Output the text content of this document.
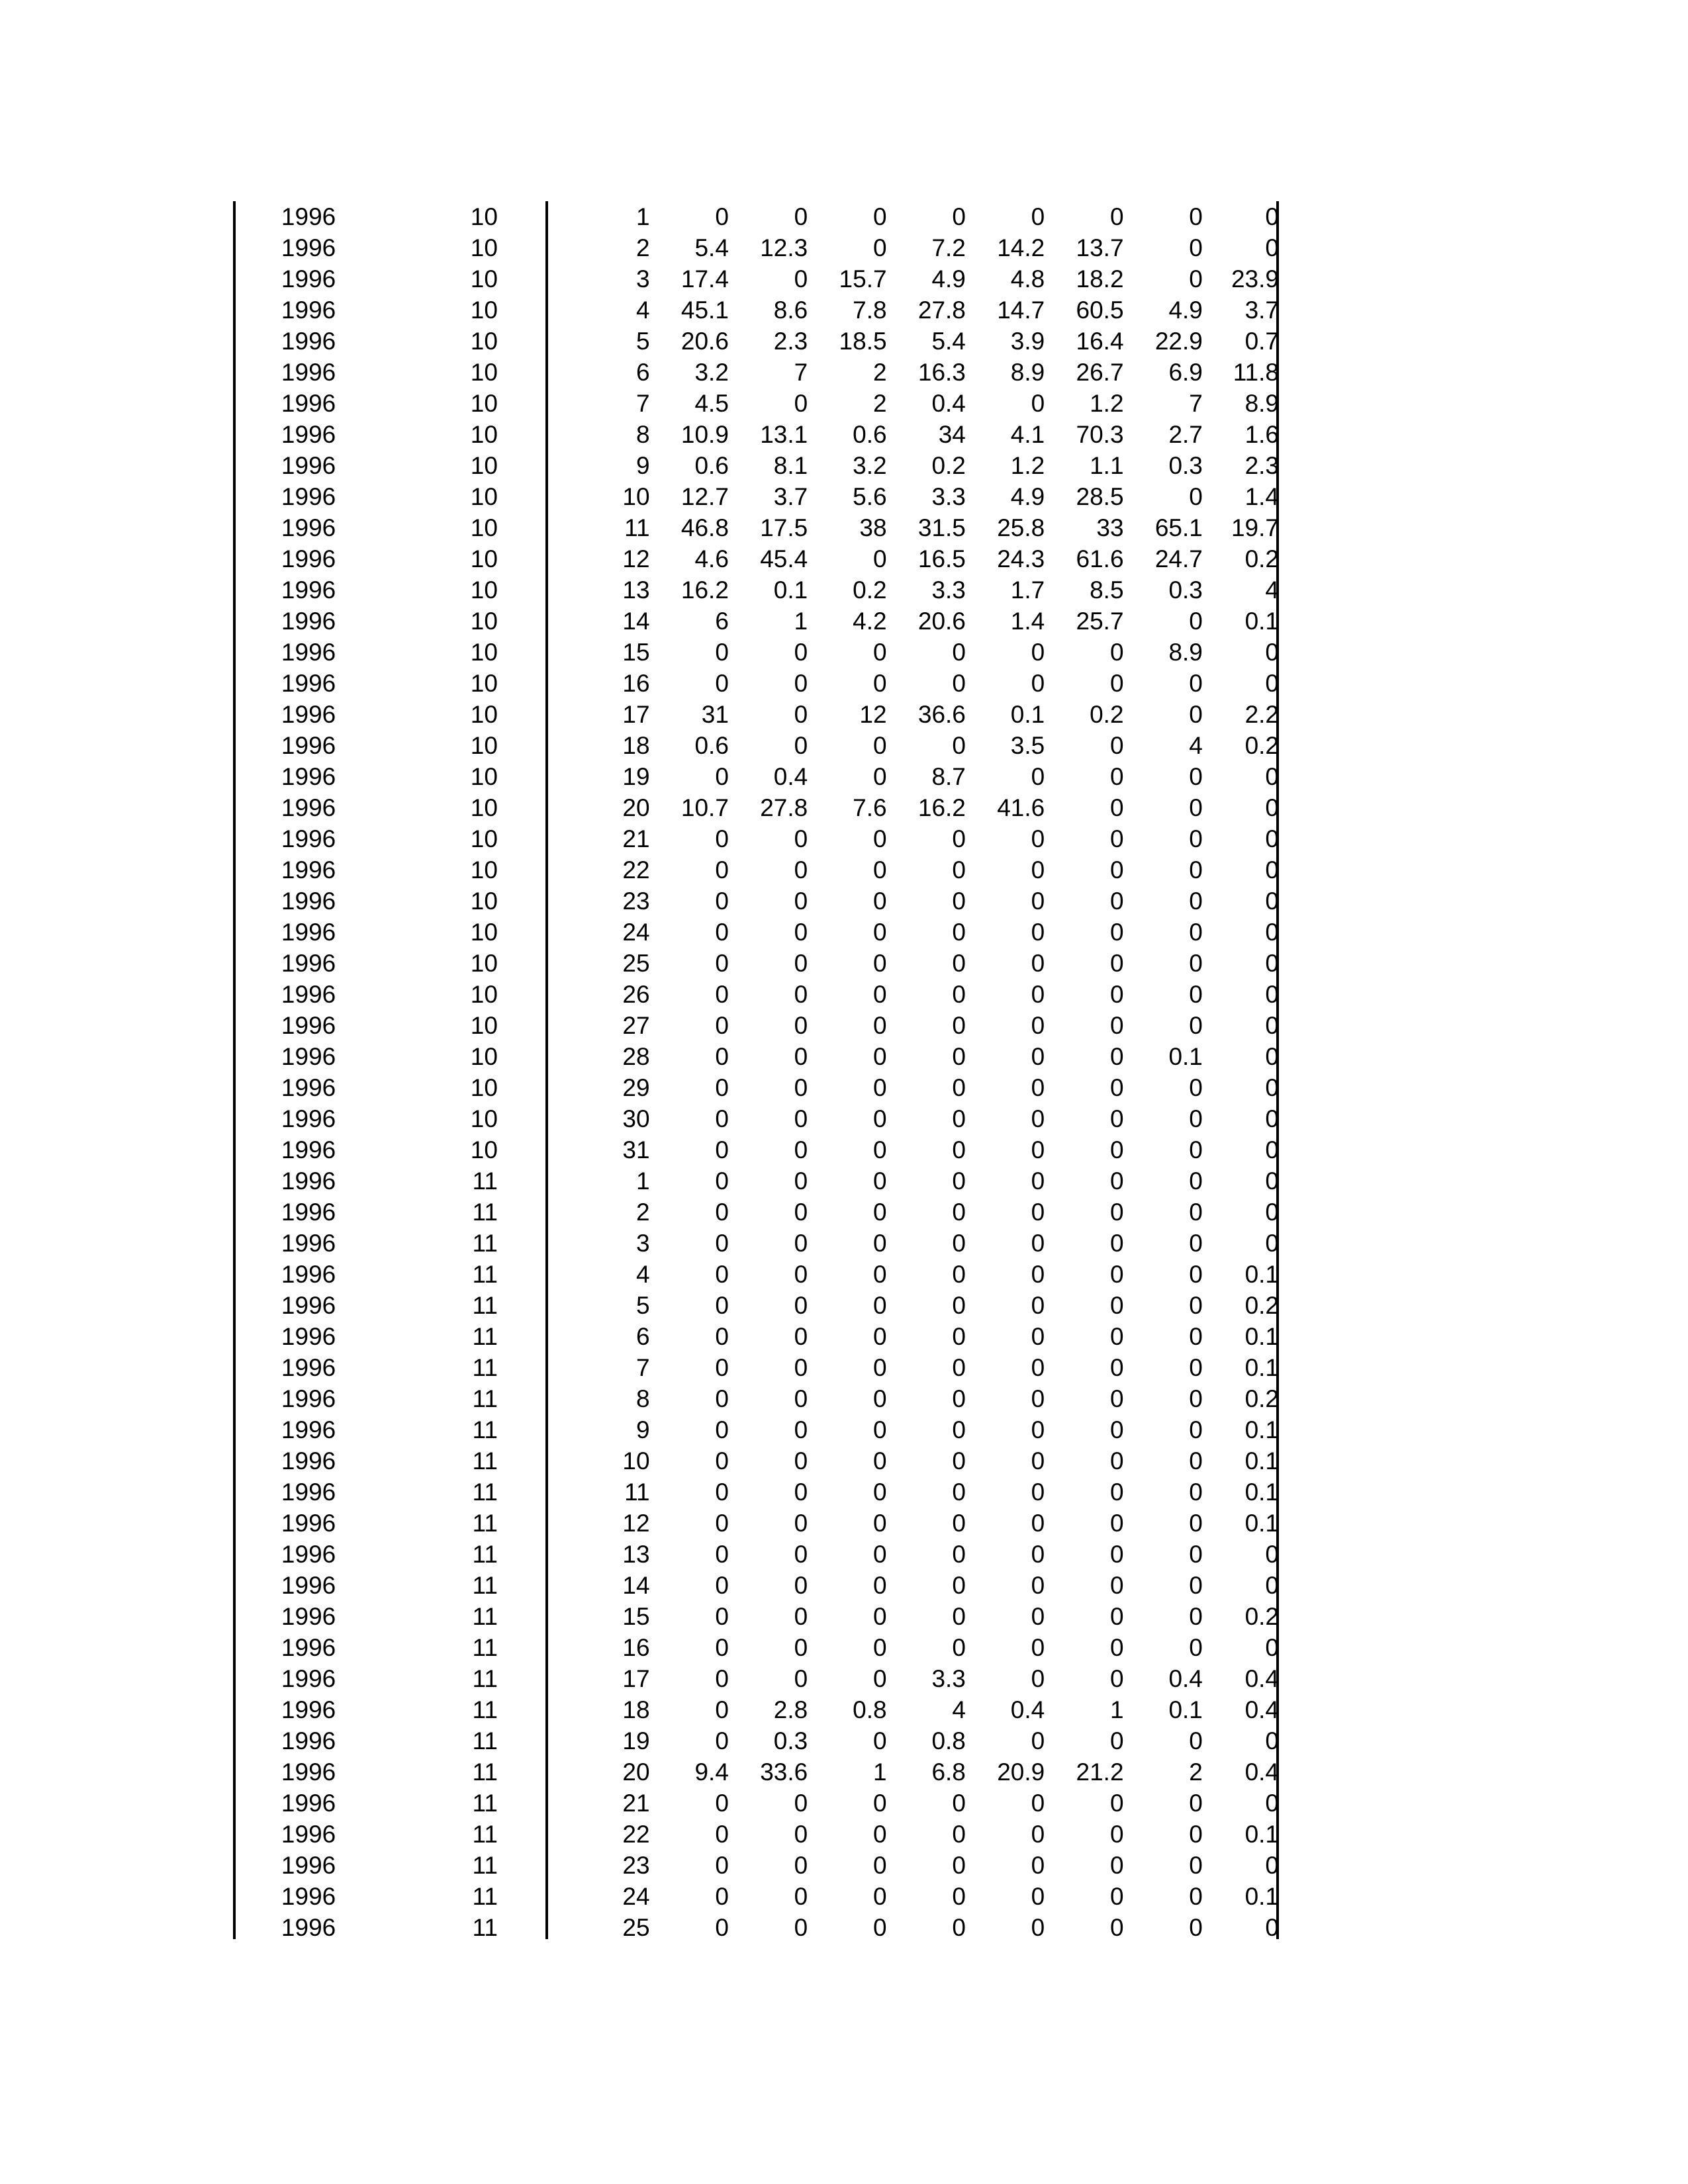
1996	10	1	0	0	0	0	0	0	0	0
1996	10	2	5.4	12.3	0	7.2	14.2	13.7	0	0
1996	10	3	17.4	0	15.7	4.9	4.8	18.2	0	23.9
1996	10	4	45.1	8.6	7.8	27.8	14.7	60.5	4.9	3.7
1996	10	5	20.6	2.3	18.5	5.4	3.9	16.4	22.9	0.7
1996	10	6	3.2	7	2	16.3	8.9	26.7	6.9	11.8
1996	10	7	4.5	0	2	0.4	0	1.2	7	8.9
1996	10	8	10.9	13.1	0.6	34	4.1	70.3	2.7	1.6
1996	10	9	0.6	8.1	3.2	0.2	1.2	1.1	0.3	2.3
1996	10	10	12.7	3.7	5.6	3.3	4.9	28.5	0	1.4
1996	10	11	46.8	17.5	38	31.5	25.8	33	65.1	19.7
1996	10	12	4.6	45.4	0	16.5	24.3	61.6	24.7	0.2
1996	10	13	16.2	0.1	0.2	3.3	1.7	8.5	0.3	4
1996	10	14	6	1	4.2	20.6	1.4	25.7	0	0.1
1996	10	15	0	0	0	0	0	0	8.9	0
1996	10	16	0	0	0	0	0	0	0	0
1996	10	17	31	0	12	36.6	0.1	0.2	0	2.2
1996	10	18	0.6	0	0	0	3.5	0	4	0.2
1996	10	19	0	0.4	0	8.7	0	0	0	0
1996	10	20	10.7	27.8	7.6	16.2	41.6	0	0	0
1996	10	21	0	0	0	0	0	0	0	0
1996	10	22	0	0	0	0	0	0	0	0
1996	10	23	0	0	0	0	0	0	0	0
1996	10	24	0	0	0	0	0	0	0	0
1996	10	25	0	0	0	0	0	0	0	0
1996	10	26	0	0	0	0	0	0	0	0
1996	10	27	0	0	0	0	0	0	0	0
1996	10	28	0	0	0	0	0	0	0.1	0
1996	10	29	0	0	0	0	0	0	0	0
1996	10	30	0	0	0	0	0	0	0	0
1996	10	31	0	0	0	0	0	0	0	0
1996	11	1	0	0	0	0	0	0	0	0
1996	11	2	0	0	0	0	0	0	0	0
1996	11	3	0	0	0	0	0	0	0	0
1996	11	4	0	0	0	0	0	0	0	0.1
1996	11	5	0	0	0	0	0	0	0	0.2
1996	11	6	0	0	0	0	0	0	0	0.1
1996	11	7	0	0	0	0	0	0	0	0.1
1996	11	8	0	0	0	0	0	0	0	0.2
1996	11	9	0	0	0	0	0	0	0	0.1
1996	11	10	0	0	0	0	0	0	0	0.1
1996	11	11	0	0	0	0	0	0	0	0.1
1996	11	12	0	0	0	0	0	0	0	0.1
1996	11	13	0	0	0	0	0	0	0	0
1996	11	14	0	0	0	0	0	0	0	0
1996	11	15	0	0	0	0	0	0	0	0.2
1996	11	16	0	0	0	0	0	0	0	0
1996	11	17	0	0	0	3.3	0	0	0.4	0.4
1996	11	18	0	2.8	0.8	4	0.4	1	0.1	0.4
1996	11	19	0	0.3	0	0.8	0	0	0	0
1996	11	20	9.4	33.6	1	6.8	20.9	21.2	2	0.4
1996	11	21	0	0	0	0	0	0	0	0
1996	11	22	0	0	0	0	0	0	0	0.1
1996	11	23	0	0	0	0	0	0	0	0
1996	11	24	0	0	0	0	0	0	0	0.1
1996	11	25	0	0	0	0	0	0	0	0
